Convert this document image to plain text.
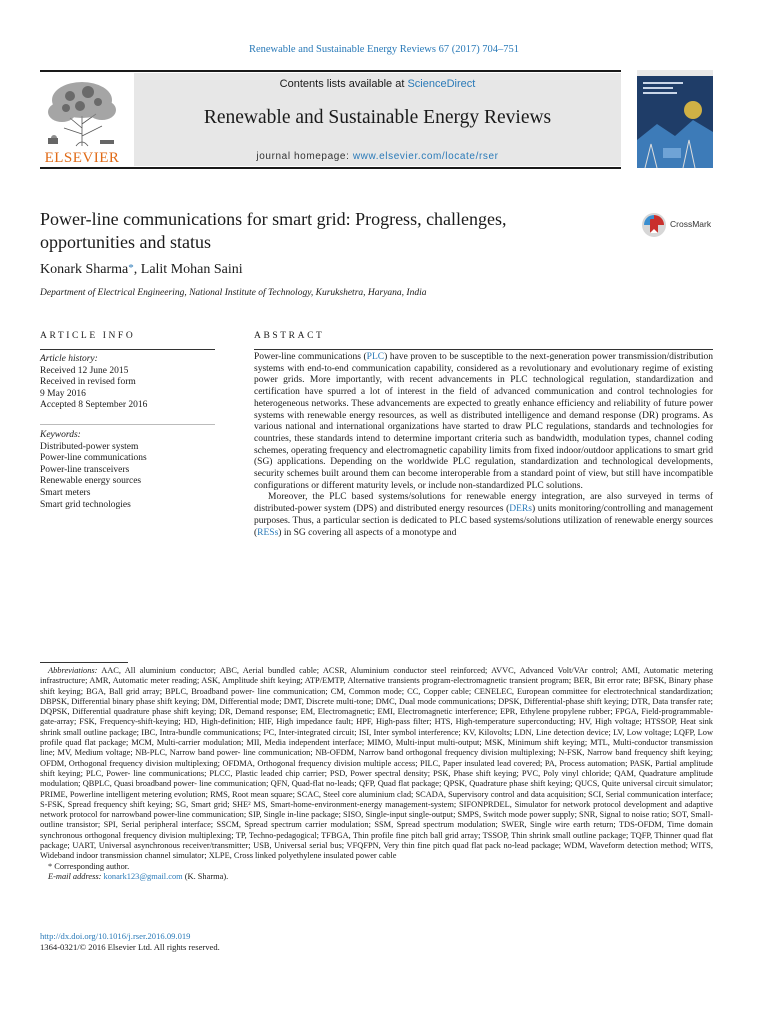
Renewable and Sustainable Energy Reviews 67 (2017) 704–751
ELSEVIER
Contents lists available at ScienceDirect
Renewable and Sustainable Energy Reviews
journal homepage: www.elsevier.com/locate/rser
Power-line communications for smart grid: Progress, challenges, opportunities and status
CrossMark
Konark Sharma*, Lalit Mohan Saini
Department of Electrical Engineering, National Institute of Technology, Kurukshetra, Haryana, India
ARTICLE INFO
Article history:
Received 12 June 2015
Received in revised form
9 May 2016
Accepted 8 September 2016
Keywords:
Distributed-power system
Power-line communications
Power-line transceivers
Renewable energy sources
Smart meters
Smart grid technologies
ABSTRACT

Power-line communications (PLC) have proven to be susceptible to the next-generation power transmission/distribution systems with end-to-end communication capability, considered as a revolutionary and evolutionary regime of existing power grids. More importantly, with recent advancements in PLC technological regulation, standardization and certification have spurred a lot of interest in the field of advanced communication and control technologies for heterogeneous networks. These advancements are expected to greatly enhance efficiency and reliability of future power systems with renewable energy resources, as well as distributed intelligence and demand response (DR) programs. As various national and international organizations have started to draw PLC regulations, standards and technologies for countries, these standards intend to determine important criteria such as bandwidth, modulation types, channel coding schemes, operating frequency and electromagnetic capability limits from fixed indoor/outdoor applications to smart grid (SG) applications. Depending on the worldwide PLC regulation, standardization and technological developments, security schemes built around them can become interoperable from a standard point of view, but still have incompatible configurations or different maturity levels, or include non-standardized PLC solutions.

Moreover, the PLC based systems/solutions for renewable energy integration, are also surveyed in terms of distributed-power system (DPS) and distributed energy resources (DERs) units monitoring/controlling and management purposes. Thus, a particular section is dedicated to PLC based systems/solutions utilization of renewable energy sources (RESs) in SG covering all aspects of a monotype and

Abbreviations: AAC, All aluminium conductor; ABC, Aerial bundled cable; ACSR, Aluminium conductor steel reinforced; AVVC, Advanced Volt/VAr control; AMI, Automatic metering infrastructure; AMR, Automatic meter reading; ASK, Amplitude shift keying; ATP/EMTP, Alternative transients program-electromagnetic transient program; BER, Bit error rate; BFSK, Binary phase shift keying; BGA, Ball grid array; BPLC, Broadband power- line communication; CM, Common mode; CC, Copper cable; CENELEC, European committee for electrotechnical standardization; DBPSK, Differential binary phase shift keying; DM, Differential mode; DMT, Discrete multi-tone; DMC, Dual mode communications; DPSK, Differential-phase shift keying; DTR, Data transfer rate; DQPSK, Differential quadrature phase shift keying; DR, Demand response; EM, Electromagnetic; EMI, Electromagnetic interference; EPR, Ethylene propylene rubber; FPGA, Field-programmable-gate-array; FSK, Frequency-shift-keying; HD, High-definition; HIF, High impedance fault; HPF, High-pass filter; HTS, High-temperature superconducting; HV, High voltage; HTSSOP, Heat sink shrink small outline package; IBC, Intra-bundle communications; I²C, Inter-integrated circuit; ISI, Inter symbol interference; KV, Kilovolts; LDN, Line detection device; LV, Low voltage; LQFP, Low profile quad flat package; MCM, Multi-carrier modulation; MII, Media independent interface; MIMO, Multi-input multi-output; MSK, Minimum shift keying; MTL, Multi-conductor transmission line; MV, Medium voltage; NB-PLC, Narrow band power- line communication; NB-OFDM, Narrow band orthogonal frequency division multiplexing; N-FSK, Narrow band frequency shift keying; OFDM, Orthogonal frequency division multiplexing; OFDMA, Orthogonal frequency division multiple access; PILC, Paper insulated lead covered; PA, Process automation; PASK, Partial amplitude shift keying; PLC, Power- line communications; PLCC, Plastic leaded chip carrier; PSD, Power spectral density; PSK, Phase shift keying; PVC, Poly vinyl chloride; QAM, Quadrature amplitude modulation; QBPLC, Quasi broadband power- line communication; QFN, Quad-flat no-leads; QFP, Quad flat package; QPSK, Quadrature phase shift keying; QUCS, Quite universal circuit simulator; PRIME, Powerline intelligent metering evolution; RMS, Root mean square; SCAC, Steel core aluminium clad; SCADA, Supervisory control and data acquisition; SCI, Serial communication interface; S-FSK, Spread frequency shift keying; SG, Smart grid; SHE² MS, Smart-home-environment-energy management-system; SIFONPRDEL, Simulator for network protocol development and adaptive network protocol for narrowband power-line communication; SIP, Single in-line package; SISO, Single-input single-output; SMPS, Switch mode power supply; SNR, Signal to noise ratio; SOT, Small-outline transistor; SPI, Serial peripheral interface; SSCM, Spread spectrum carrier modulation; SSM, Spread spectrum modulation; SWER, Single wire earth return; TDS-OFDM, Time domain synchronous orthogonal frequency division multiplexing; TP, Techno-pedagogical; TFBGA, Thin profile fine pitch ball grid array; TSSOP, Thin shrink small outline package; TQFP, Thinner quad flat package; UART, Universal asynchronous receiver/transmitter; USB, Universal serial bus; VFQFPN, Very thin fine pitch quad flat pack no-lead package; WDM, Waveform detection method; WITS, Wideband indoor transmission channel simulator; XLPE, Cross linked polyethylene insulated power cable

* Corresponding author.

E-mail address: konark123@gmail.com (K. Sharma).

http://dx.doi.org/10.1016/j.rser.2016.09.019
1364-0321/© 2016 Elsevier Ltd. All rights reserved.
